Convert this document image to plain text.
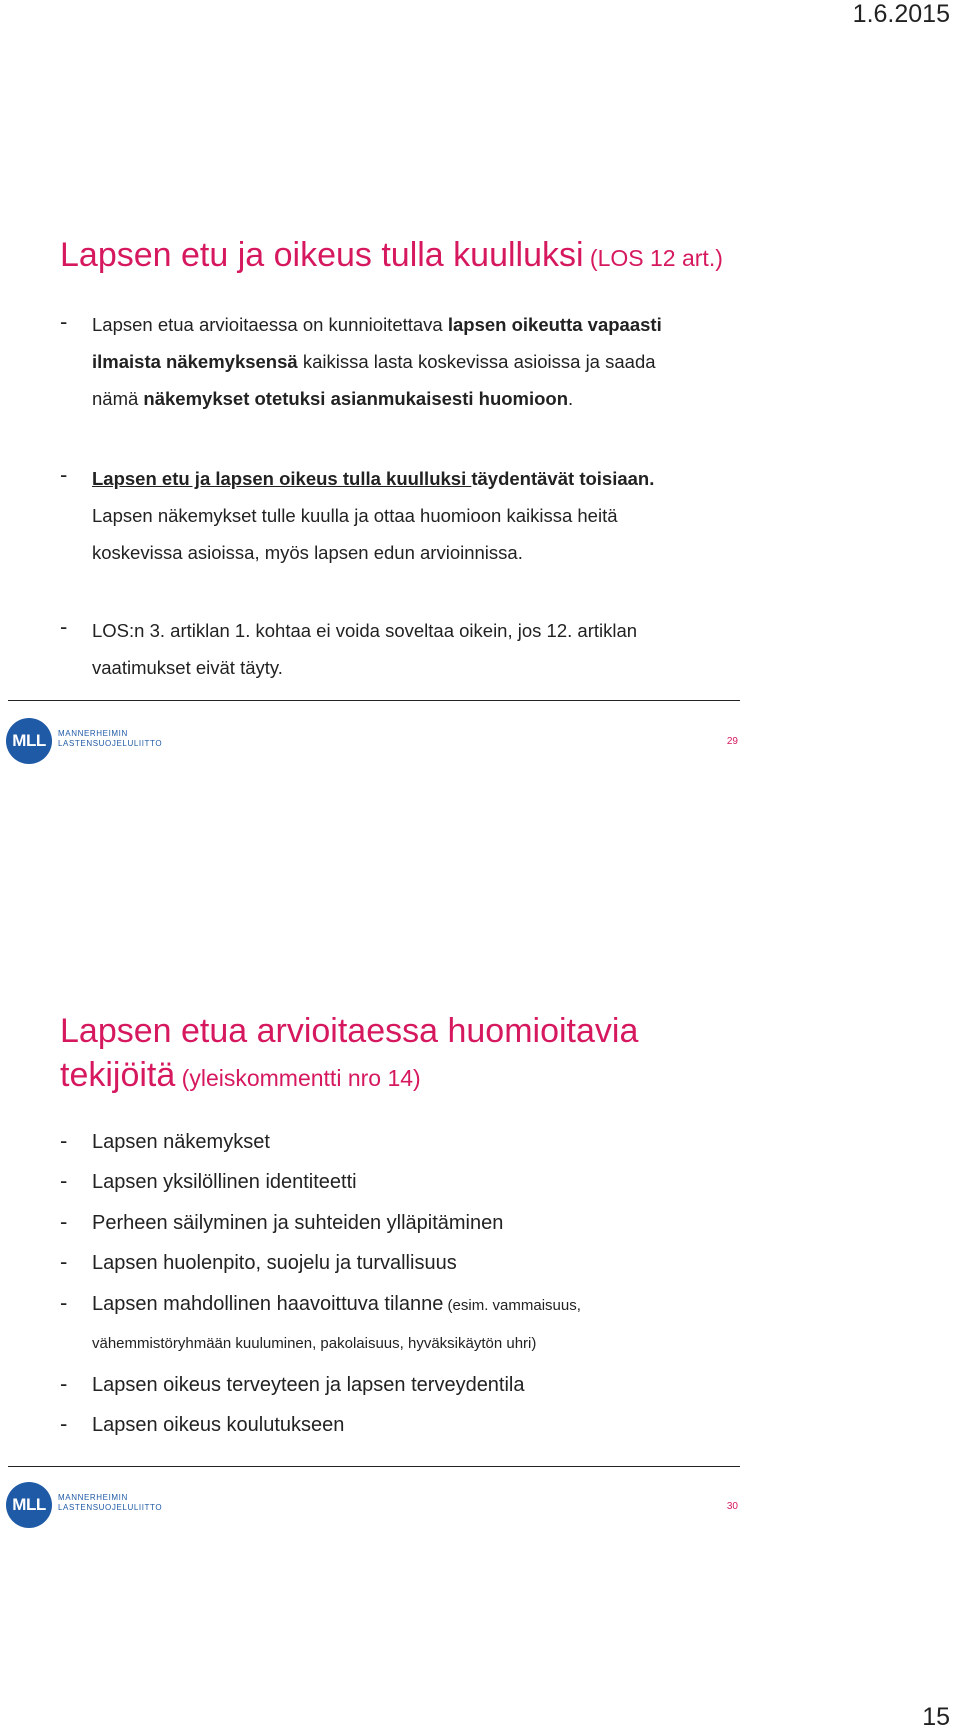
1.6.2015
15
Lapsen etu ja oikeus tulla kuulluksi (LOS 12 art.)
- Lapsen etua arvioitaessa on kunnioitettava lapsen oikeutta vapaasti
ilmaista näkemyksensä kaikissa lasta koskevissa asioissa ja saada
nämä näkemykset otetuksi asianmukaisesti huomioon.
- Lapsen etu ja lapsen oikeus tulla kuulluksi täydentävät toisiaan.
Lapsen näkemykset tulle kuulla ja ottaa huomioon kaikissa heitä
koskevissa asioissa, myös lapsen edun arvioinnissa.
- LOS:n 3. artiklan 1. kohtaa ei voida soveltaa oikein, jos 12. artiklan
vaatimukset eivät täyty.
MLL	MANNERHEIMIN
LASTENSUOJELULIITTO	29
Lapsen etua arvioitaessa huomioitavia
tekijöitä (yleiskommentti nro 14)
- Lapsen näkemykset
- Lapsen yksilöllinen identiteetti
- Perheen säilyminen ja suhteiden ylläpitäminen
- Lapsen huolenpito, suojelu ja turvallisuus
- Lapsen mahdollinen haavoittuva tilanne (esim. vammaisuus,
vähemmistöryhmään kuuluminen, pakolaisuus, hyväksikäytön uhri)
- Lapsen oikeus terveyteen ja lapsen terveydentila
- Lapsen oikeus koulutukseen
MLL	MANNERHEIMIN
LASTENSUOJELULIITTO	30
